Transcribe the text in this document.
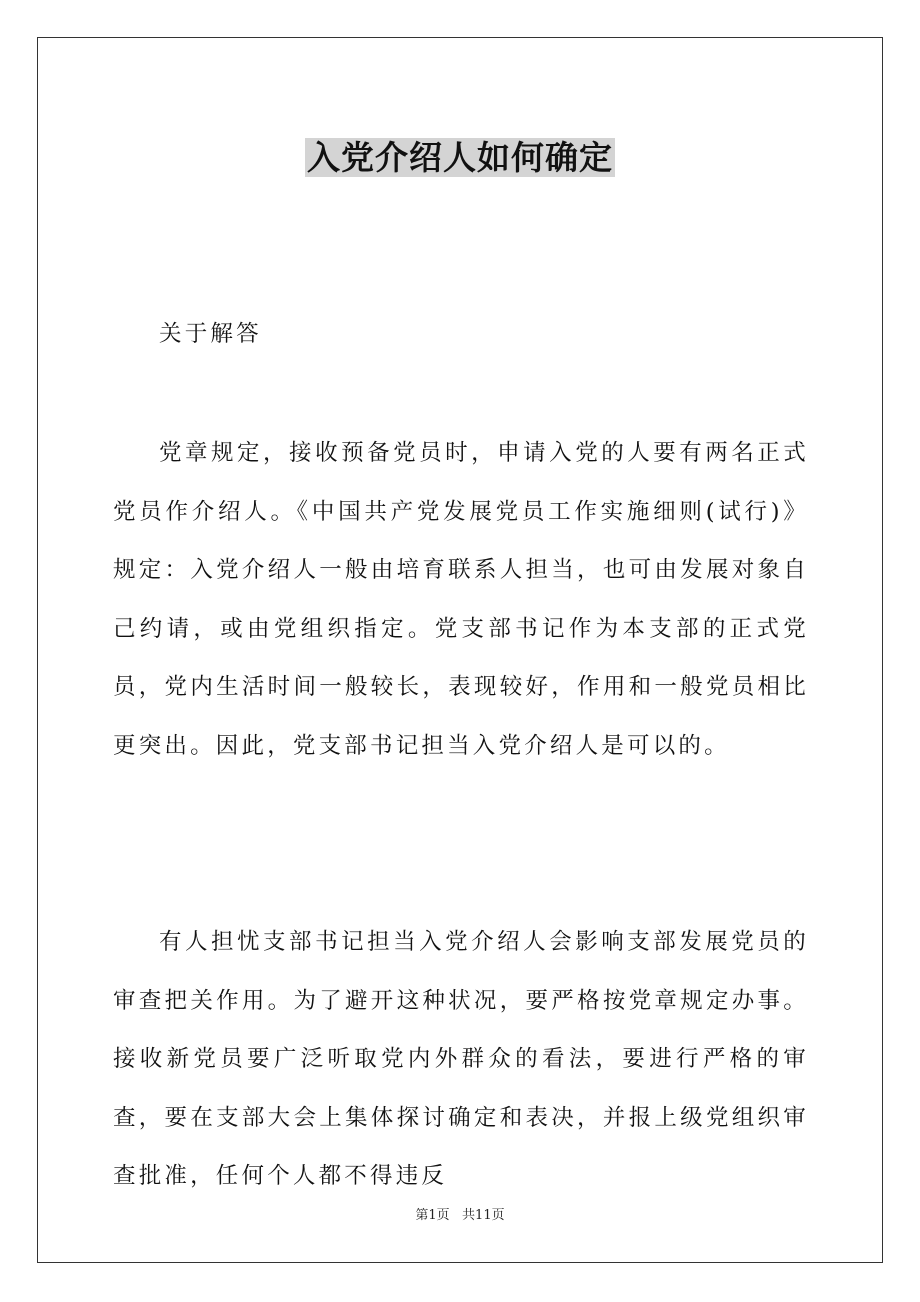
入党介绍人如何确定

关于解答

党章规定，接收预备党员时，申请入党的人要有两名正式党员作介绍人。《中国共产党发展党员工作实施细则(试行)》规定：入党介绍人一般由培育联系人担当，也可由发展对象自己约请，或由党组织指定。党支部书记作为本支部的正式党员，党内生活时间一般较长，表现较好，作用和一般党员相比更突出。因此，党支部书记担当入党介绍人是可以的。

有人担忧支部书记担当入党介绍人会影响支部发展党员的审查把关作用。为了避开这种状况，要严格按党章规定办事。接收新党员要广泛听取党内外群众的看法，要进行严格的审查，要在支部大会上集体探讨确定和表决，并报上级党组织审查批准，任何个人都不得违反

第1页   共11页
